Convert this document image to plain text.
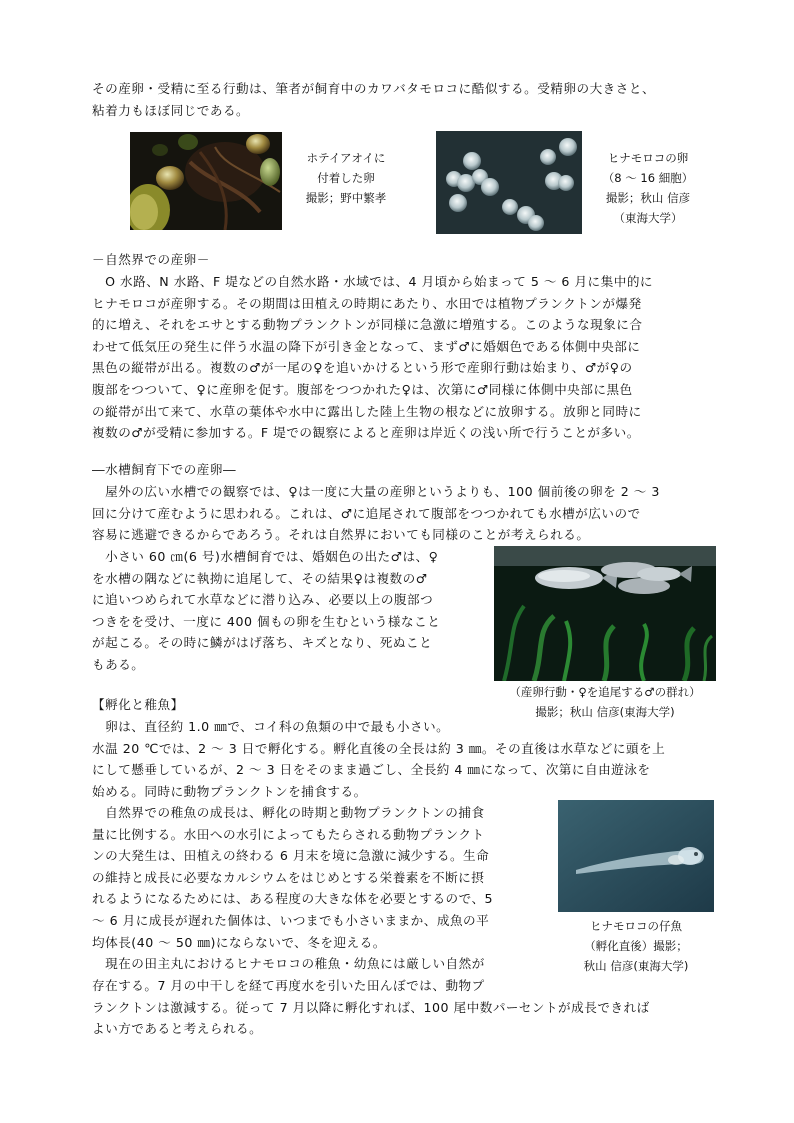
その産卵・受精に至る行動は、筆者が飼育中のカワバタモロコに酷似する。受精卵の大きさと、
粘着力もほぼ同じである。
ホテイアオイに
付着した卵
撮影；野中繁孝
ヒナモロコの卵
（8 ～ 16 細胞）
撮影；秋山 信彦
（東海大学）
－自然界での産卵－
　O 水路、N 水路、F 堤などの自然水路・水域では、4 月頃から始まって 5 ～ 6 月に集中的に
ヒナモロコが産卵する。その期間は田植えの時期にあたり、水田では植物プランクトンが爆発
的に増え、それをエサとする動物プランクトンが同様に急激に増殖する。このような現象に合
わせて低気圧の発生に伴う水温の降下が引き金となって、まず♂に婚姻色である体側中央部に
黒色の縦帯が出る。複数の♂が一尾の♀を追いかけるという形で産卵行動は始まり、♂が♀の
腹部をつついて、♀に産卵を促す。腹部をつつかれた♀は、次第に♂同様に体側中央部に黒色
の縦帯が出て来て、水草の葉体や水中に露出した陸上生物の根などに放卵する。放卵と同時に
複数の♂が受精に参加する。F 堤での観察によると産卵は岸近くの浅い所で行うことが多い。
―水槽飼育下での産卵―
　屋外の広い水槽での観察では、♀は一度に大量の産卵というよりも、100 個前後の卵を 2 ～ 3
回に分けて産むように思われる。これは、♂に追尾されて腹部をつつかれても水槽が広いので
容易に逃避できるからであろう。それは自然界においても同様のことが考えられる。
　小さい 60 ㎝(6 号)水槽飼育では、婚姻色の出た♂は、♀
を水槽の隅などに執拗に追尾して、その結果♀は複数の♂
に追いつめられて水草などに潜り込み、必要以上の腹部つ
つきをを受け、一度に 400 個もの卵を生むという様なこと
が起こる。その時に鱗がはげ落ち、キズとなり、死ぬこと
もある。
（産卵行動・♀を追尾する♂の群れ）
撮影；秋山 信彦(東海大学)
【孵化と稚魚】
　卵は、直径約 1.0 ㎜で、コイ科の魚類の中で最も小さい。
水温 20 ℃では、2 ～ 3 日で孵化する。孵化直後の全長は約 3 ㎜。その直後は水草などに頭を上
にして懸垂しているが、2 ～ 3 日をそのまま過ごし、全長約 4 ㎜になって、次第に自由遊泳を
始める。同時に動物プランクトンを捕食する。
　自然界での稚魚の成長は、孵化の時期と動物プランクトンの捕食
量に比例する。水田への水引によってもたらされる動物プランクト
ンの大発生は、田植えの終わる 6 月末を境に急激に減少する。生命
の維持と成長に必要なカルシウムをはじめとする栄養素を不断に摂
れるようになるためには、ある程度の大きな体を必要とするので、5
～ 6 月に成長が遅れた個体は、いつまでも小さいままか、成魚の平
均体長(40 ～ 50 ㎜)にならないで、冬を迎える。
　現在の田主丸におけるヒナモロコの稚魚・幼魚には厳しい自然が
存在する。7 月の中干しを経て再度水を引いた田んぼでは、動物プ
ランクトンは激減する。従って 7 月以降に孵化すれば、100 尾中数パーセントが成長できれば
よい方であると考えられる。
ヒナモロコの仔魚
（孵化直後）撮影；
秋山 信彦(東海大学)
